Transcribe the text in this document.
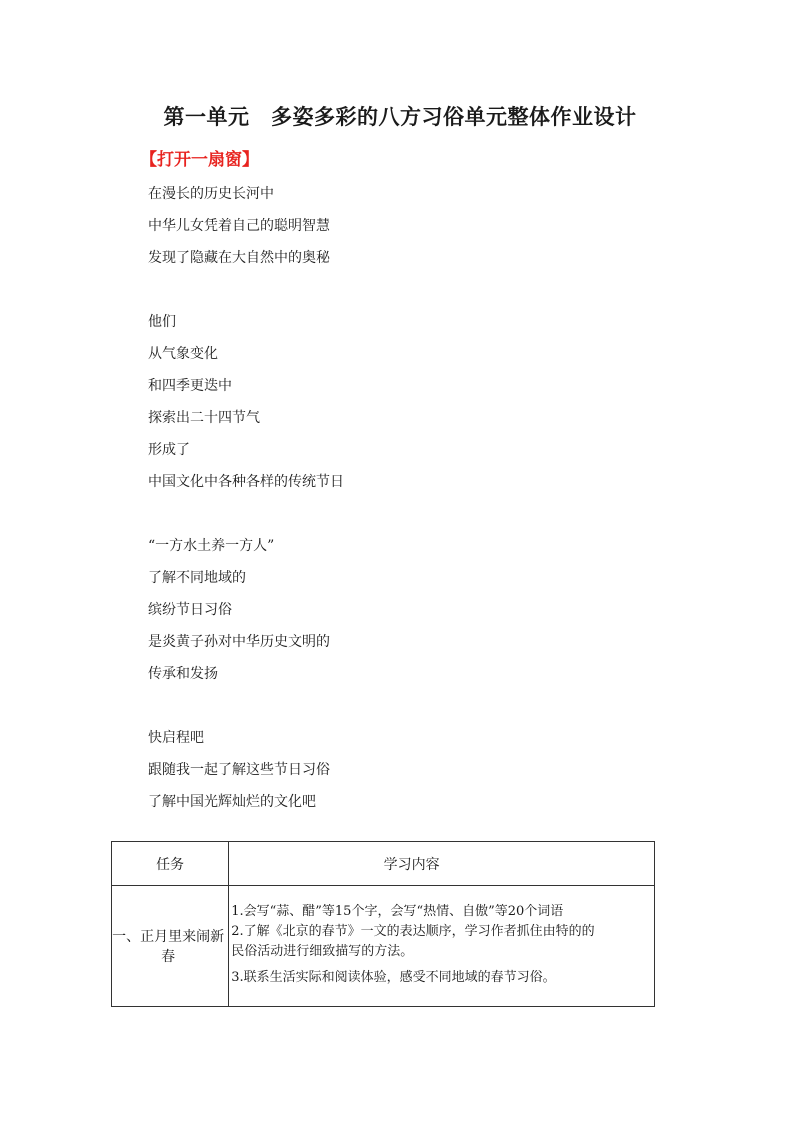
第一单元　多姿多彩的八方习俗单元整体作业设计
【打开一扇窗】
在漫长的历史长河中
中华儿女凭着自己的聪明智慧
发现了隐藏在大自然中的奥秘
他们
从气象变化
和四季更迭中
探索出二十四节气
形成了
中国文化中各种各样的传统节日
“一方水土养一方人”
了解不同地域的
缤纷节日习俗
是炎黄子孙对中华历史文明的
传承和发扬
快启程吧
跟随我一起了解这些节日习俗
了解中国光辉灿烂的文化吧
任务	学习内容
一、正月里来闹新春	1.会写“蒜、醋”等15个字，会写“热情、自傲”等20个词语
2.了解《北京的春节》一文的表达顺序，学习作者抓住由特的的
民俗活动进行细致描写的方法。
3.联系生活实际和阅读体验，感受不同地域的春节习俗。
